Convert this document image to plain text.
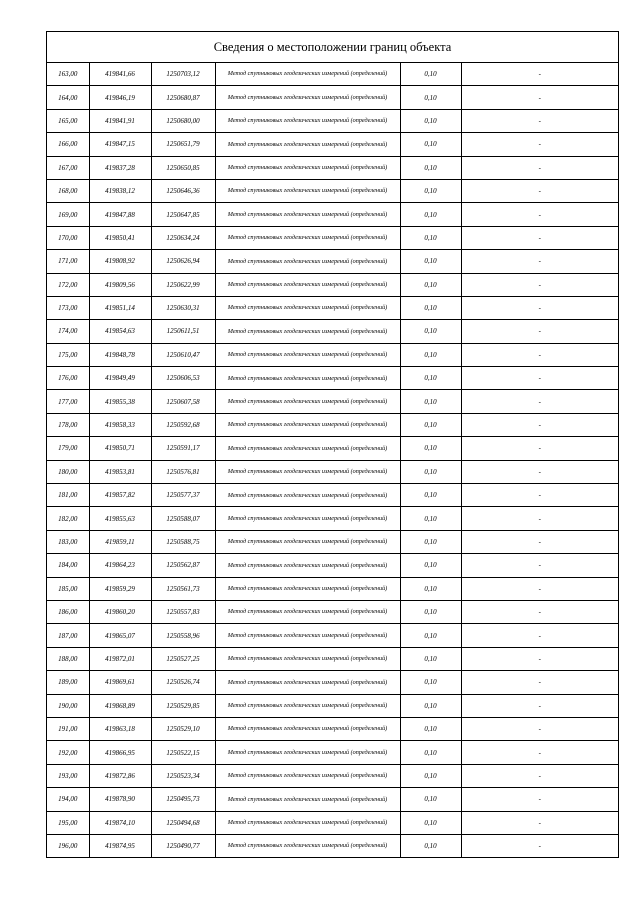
Сведения о местоположении границ объекта
163,00	419841,66	1250703,12	Метод спутниковых геодезических измерений (определений)	0,10	-
164,00	419846,19	1250680,87	Метод спутниковых геодезических измерений (определений)	0,10	-
165,00	419841,91	1250680,00	Метод спутниковых геодезических измерений (определений)	0,10	-
166,00	419847,15	1250651,79	Метод спутниковых геодезических измерений (определений)	0,10	-
167,00	419837,28	1250650,85	Метод спутниковых геодезических измерений (определений)	0,10	-
168,00	419838,12	1250646,36	Метод спутниковых геодезических измерений (определений)	0,10	-
169,00	419847,88	1250647,85	Метод спутниковых геодезических измерений (определений)	0,10	-
170,00	419850,41	1250634,24	Метод спутниковых геодезических измерений (определений)	0,10	-
171,00	419808,92	1250626,94	Метод спутниковых геодезических измерений (определений)	0,10	-
172,00	419809,56	1250622,99	Метод спутниковых геодезических измерений (определений)	0,10	-
173,00	419851,14	1250630,31	Метод спутниковых геодезических измерений (определений)	0,10	-
174,00	419854,63	1250611,51	Метод спутниковых геодезических измерений (определений)	0,10	-
175,00	419848,78	1250610,47	Метод спутниковых геодезических измерений (определений)	0,10	-
176,00	419849,49	1250606,53	Метод спутниковых геодезических измерений (определений)	0,10	-
177,00	419855,38	1250607,58	Метод спутниковых геодезических измерений (определений)	0,10	-
178,00	419858,33	1250592,68	Метод спутниковых геодезических измерений (определений)	0,10	-
179,00	419850,71	1250591,17	Метод спутниковых геодезических измерений (определений)	0,10	-
180,00	419853,81	1250576,81	Метод спутниковых геодезических измерений (определений)	0,10	-
181,00	419857,82	1250577,37	Метод спутниковых геодезических измерений (определений)	0,10	-
182,00	419855,63	1250588,07	Метод спутниковых геодезических измерений (определений)	0,10	-
183,00	419859,11	1250588,75	Метод спутниковых геодезических измерений (определений)	0,10	-
184,00	419864,23	1250562,87	Метод спутниковых геодезических измерений (определений)	0,10	-
185,00	419859,29	1250561,73	Метод спутниковых геодезических измерений (определений)	0,10	-
186,00	419860,20	1250557,83	Метод спутниковых геодезических измерений (определений)	0,10	-
187,00	419865,07	1250558,96	Метод спутниковых геодезических измерений (определений)	0,10	-
188,00	419872,01	1250527,25	Метод спутниковых геодезических измерений (определений)	0,10	-
189,00	419869,61	1250526,74	Метод спутниковых геодезических измерений (определений)	0,10	-
190,00	419868,89	1250529,85	Метод спутниковых геодезических измерений (определений)	0,10	-
191,00	419863,18	1250529,10	Метод спутниковых геодезических измерений (определений)	0,10	-
192,00	419866,95	1250522,15	Метод спутниковых геодезических измерений (определений)	0,10	-
193,00	419872,86	1250523,34	Метод спутниковых геодезических измерений (определений)	0,10	-
194,00	419878,90	1250495,73	Метод спутниковых геодезических измерений (определений)	0,10	-
195,00	419874,10	1250494,68	Метод спутниковых геодезических измерений (определений)	0,10	-
196,00	419874,95	1250490,77	Метод спутниковых геодезических измерений (определений)	0,10	-
